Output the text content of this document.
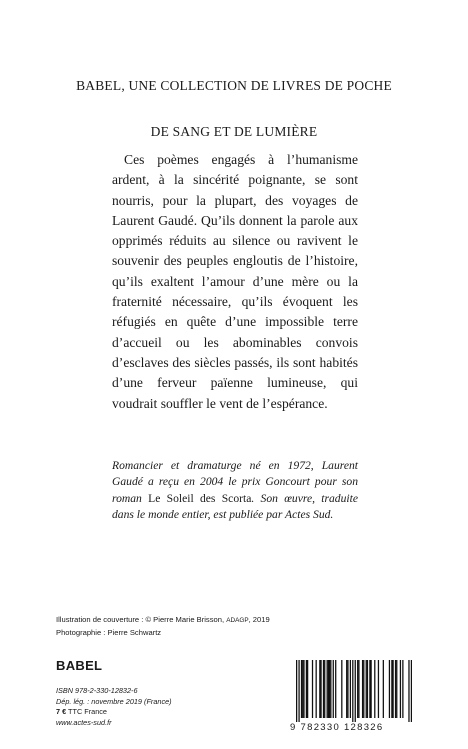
BABEL, UNE COLLECTION DE LIVRES DE POCHE
DE SANG ET DE LUMIÈRE

Ces poèmes engagés à l’humanisme ardent, à la sincérité poignante, se sont nourris, pour la plupart, des voyages de Laurent Gaudé. Qu’ils donnent la parole aux opprimés réduits au silence ou ravivent le souvenir des peuples engloutis de l’histoire, qu’ils exaltent l’amour d’une mère ou la fraternité nécessaire, qu’ils évoquent les réfugiés en quête d’une impossible terre d’accueil ou les abominables convois d’esclaves des siècles passés, ils sont habités d’une ferveur païenne lumineuse, qui voudrait souffler le vent de l’espérance.

Romancier et dramaturge né en 1972, Laurent Gaudé a reçu en 2004 le prix Goncourt pour son roman Le Soleil des Scorta. Son œuvre, traduite dans le monde entier, est publiée par Actes Sud.

Illustration de couverture : © Pierre Marie Brisson, ADAGP, 2019
Photographie : Pierre Schwartz
BABEL
ISBN 978-2-330-12832-6
Dép. lég. : novembre 2019 (France)
7 € TTC France
www.actes-sud.fr	9 782330 128326
